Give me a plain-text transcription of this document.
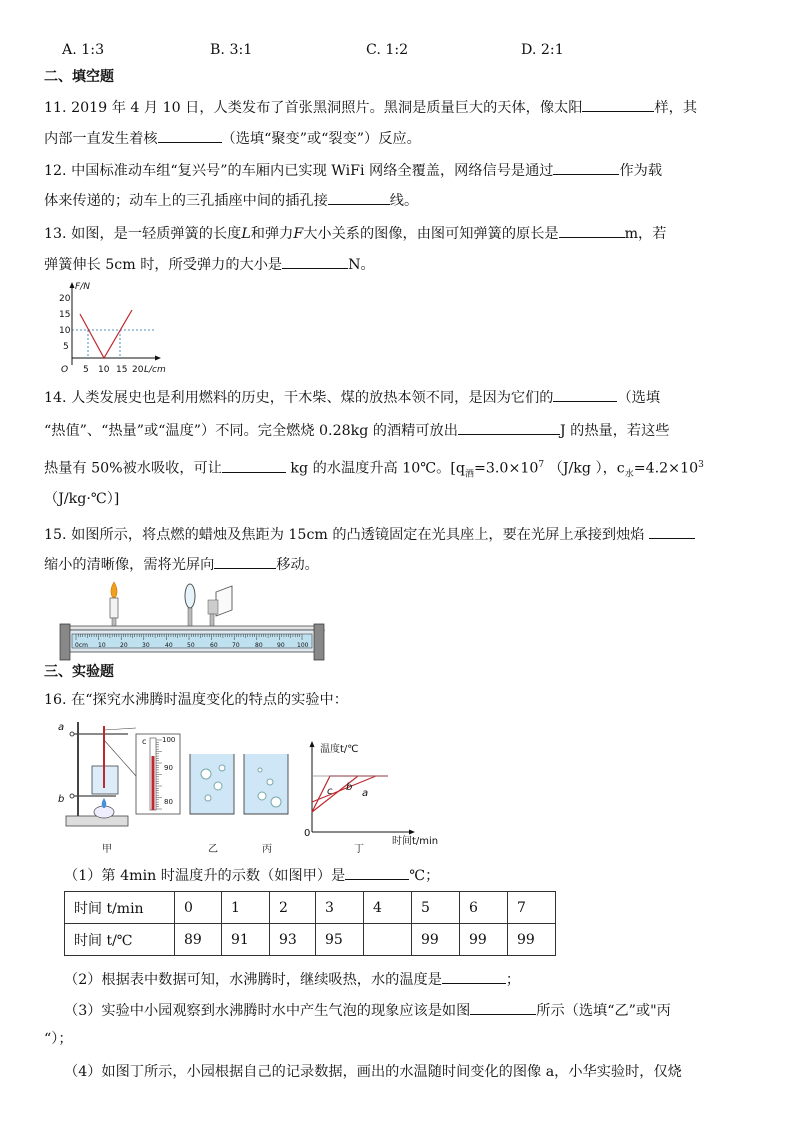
A. 1:3	B. 3:1	C. 1:2	D. 2:1
二、填空题
11. 2019 年 4 月 10 日，人类发布了首张黑洞照片。黑洞是质量巨大的天体，像太阳	样，其
内部一直发生着核	（选填“聚变”或“裂变”）反应。
12. 中国标准动车组“复兴号”的车厢内已实现 WiFi 网络全覆盖，网络信号是通过	作为载
体来传递的；动车上的三孔插座中间的插孔接	线。
13. 如图，是一轻质弹簧的长度L和弹力F大小关系的图像，由图可知弹簧的原长是	m，若
弹簧伸长 5cm 时，所受弹力的大小是	N。
F/N
L/cm
O
20
15
10
5
5 10 15 20
14. 人类发展史也是利用燃料的历史，干木柴、煤的放热本领不同，是因为它们的	（选填
“热值”、“热量”或“温度”）不同。完全燃烧 0.28kg 的酒精可放出	J 的热量，若这些
热量有 50%被水吸收，可让	kg 的水温度升高 10℃。[$q_酒=3.0\times 10^7$ （J/kg ），$c_水=4.2\times 10^3$
（J/kg·℃）]
15. 如图所示，将点燃的蜡烛及焦距为 15cm 的凸透镜固定在光具座上，要在光屏上承接到烛焰
缩小的清晰像，需将光屏向	移动。
0cm 10 20 30	40 50	60 70	80 90 100
三、实验题
16. 在“探究水沸腾时温度变化的特点的实验中：
a
b
c 100
90
80
温度t/℃
时间t/min
0
c b
a
甲	乙	丙	丁
（1）第 4min 时温度升的示数（如图甲）是	℃；
时间 t/min	0	1	2	3	4	5	6	7
时间 t/℃	89	91	93	95		99	99	99
（2）根据表中数据可知，水沸腾时，继续吸热，水的温度是	；
（3）实验中小园观察到水沸腾时水中产生气泡的现象应该是如图	所示（选填“乙”或"丙
“）；
（4）如图丁所示，小园根据自己的记录数据，画出的水温随时间变化的图像 a，小华实验时，仅烧
